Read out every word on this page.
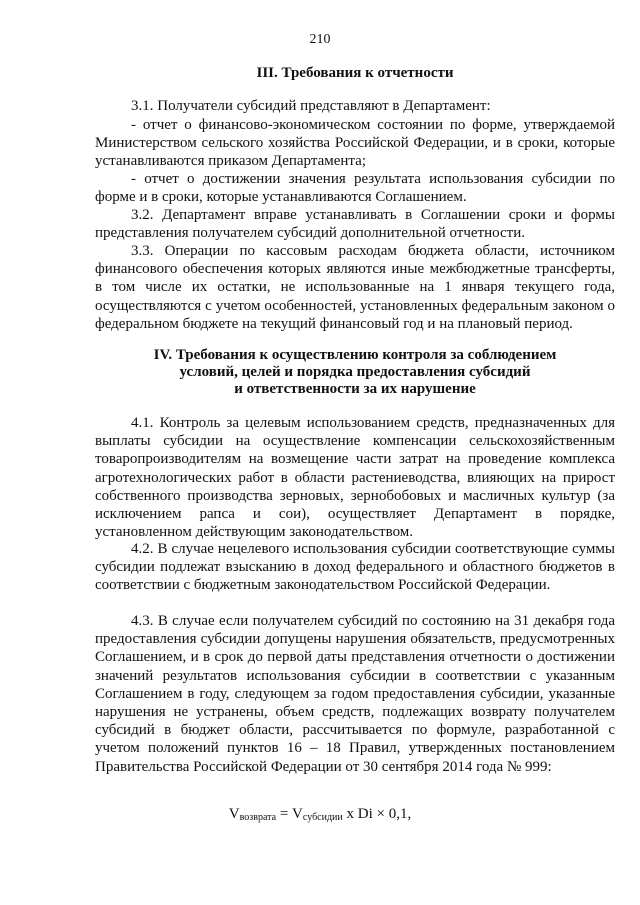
210
III. Требования к отчетности
3.1. Получатели субсидий представляют в Департамент:
- отчет о финансово-экономическом состоянии по форме, утверждаемой Министерством сельского хозяйства Российской Федерации, и в сроки, которые устанавливаются приказом Департамента;
- отчет о достижении значения результата использования субсидии по форме и в сроки, которые устанавливаются Соглашением.
3.2. Департамент вправе устанавливать в Соглашении сроки и формы представления получателем субсидий дополнительной отчетности.
3.3. Операции по кассовым расходам бюджета области, источником финансового обеспечения которых являются иные межбюджетные трансферты, в том числе их остатки, не использованные на 1 января текущего года, осуществляются с учетом особенностей, установленных федеральным законом о федеральном бюджете на текущий финансовый год и на плановый период.
IV. Требования к осуществлению контроля за соблюдением
условий, целей и порядка предоставления субсидий
и ответственности за их нарушение
4.1. Контроль за целевым использованием средств, предназначенных для выплаты субсидии на осуществление компенсации сельскохозяйственным товаропроизводителям на возмещение части затрат на проведение комплекса агротехнологических работ в области растениеводства, влияющих на прирост собственного производства зерновых, зернобобовых и масличных культур (за исключением рапса и сои), осуществляет Департамент в порядке, установленном действующим законодательством.
4.2. В случае нецелевого использования субсидии соответствующие суммы субсидии подлежат взысканию в доход федерального и областного бюджетов в соответствии с бюджетным законодательством Российской Федерации.
4.3. В случае если получателем субсидий по состоянию на 31 декабря года предоставления субсидии допущены нарушения обязательств, предусмотренных Соглашением, и в срок до первой даты представления отчетности о достижении значений результатов использования субсидии в соответствии с указанным Соглашением в году, следующем за годом предоставления субсидии, указанные нарушения не устранены, объем средств, подлежащих возврату получателем субсидий в бюджет области, рассчитывается по формуле, разработанной с учетом положений пунктов 16 – 18 Правил, утвержденных постановлением Правительства Российской Федерации от 30 сентября 2014 года № 999:
$V_{возврата} = V_{субсидии}$ x Di × 0,1,
